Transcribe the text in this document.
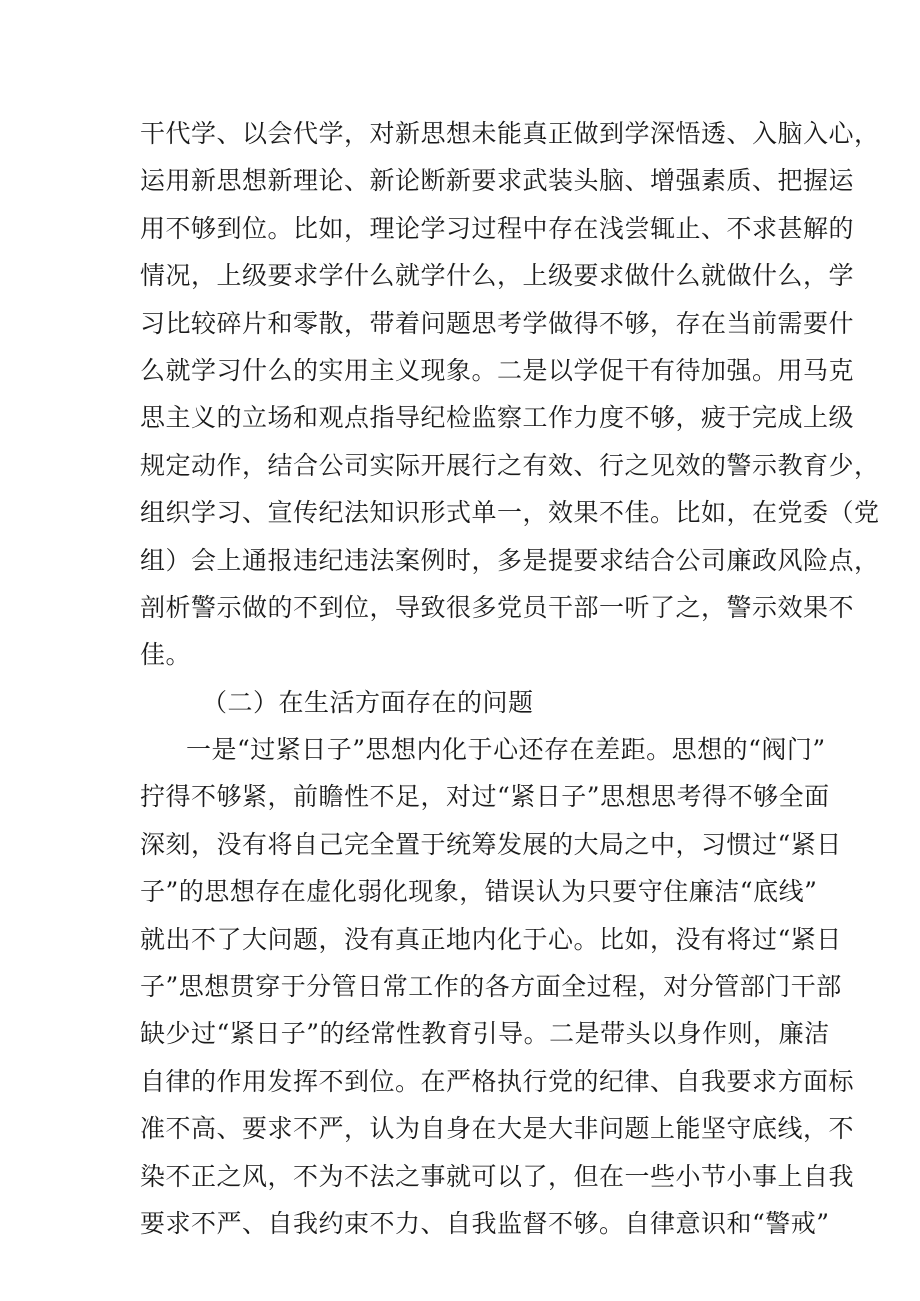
干代学、以会代学，对新思想未能真正做到学深悟透、入脑入心，
运用新思想新理论、新论断新要求武装头脑、增强素质、把握运
用不够到位。比如，理论学习过程中存在浅尝辄止、不求甚解的
情况，上级要求学什么就学什么，上级要求做什么就做什么，学
习比较碎片和零散，带着问题思考学做得不够，存在当前需要什
么就学习什么的实用主义现象。二是以学促干有待加强。用马克
思主义的立场和观点指导纪检监察工作力度不够，疲于完成上级
规定动作，结合公司实际开展行之有效、行之见效的警示教育少，
组织学习、宣传纪法知识形式单一，效果不佳。比如，在党委（党
组）会上通报违纪违法案例时，多是提要求结合公司廉政风险点，
剖析警示做的不到位，导致很多党员干部一听了之，警示效果不
佳。
（二）在生活方面存在的问题
一是“过紧日子”思想内化于心还存在差距。思想的“阀门”
拧得不够紧，前瞻性不足，对过“紧日子”思想思考得不够全面
深刻，没有将自己完全置于统筹发展的大局之中，习惯过“紧日
子”的思想存在虚化弱化现象，错误认为只要守住廉洁“底线”
就出不了大问题，没有真正地内化于心。比如，没有将过“紧日
子”思想贯穿于分管日常工作的各方面全过程，对分管部门干部
缺少过“紧日子”的经常性教育引导。二是带头以身作则，廉洁
自律的作用发挥不到位。在严格执行党的纪律、自我要求方面标
准不高、要求不严，认为自身在大是大非问题上能坚守底线，不
染不正之风，不为不法之事就可以了，但在一些小节小事上自我
要求不严、自我约束不力、自我监督不够。自律意识和“警戒”
